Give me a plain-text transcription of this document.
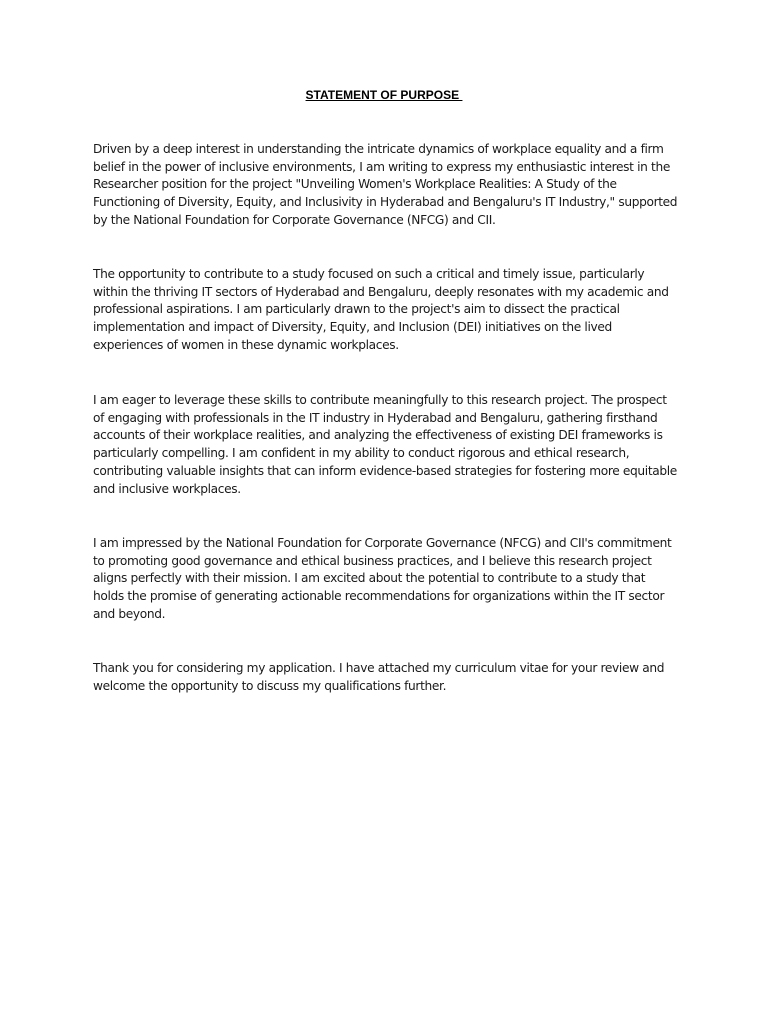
STATEMENT OF PURPOSE

Driven by a deep interest in understanding the intricate dynamics of workplace equality and a firm
belief in the power of inclusive environments, I am writing to express my enthusiastic interest in the
Researcher position for the project "Unveiling Women's Workplace Realities: A Study of the
Functioning of Diversity, Equity, and Inclusivity in Hyderabad and Bengaluru's IT Industry," supported
by the National Foundation for Corporate Governance (NFCG) and CII.

The opportunity to contribute to a study focused on such a critical and timely issue, particularly
within the thriving IT sectors of Hyderabad and Bengaluru, deeply resonates with my academic and
professional aspirations. I am particularly drawn to the project's aim to dissect the practical
implementation and impact of Diversity, Equity, and Inclusion (DEI) initiatives on the lived
experiences of women in these dynamic workplaces.

I am eager to leverage these skills to contribute meaningfully to this research project. The prospect
of engaging with professionals in the IT industry in Hyderabad and Bengaluru, gathering firsthand
accounts of their workplace realities, and analyzing the effectiveness of existing DEI frameworks is
particularly compelling. I am confident in my ability to conduct rigorous and ethical research,
contributing valuable insights that can inform evidence-based strategies for fostering more equitable
and inclusive workplaces.

I am impressed by the National Foundation for Corporate Governance (NFCG) and CII's commitment
to promoting good governance and ethical business practices, and I believe this research project
aligns perfectly with their mission. I am excited about the potential to contribute to a study that
holds the promise of generating actionable recommendations for organizations within the IT sector
and beyond.

Thank you for considering my application. I have attached my curriculum vitae for your review and
welcome the opportunity to discuss my qualifications further.
